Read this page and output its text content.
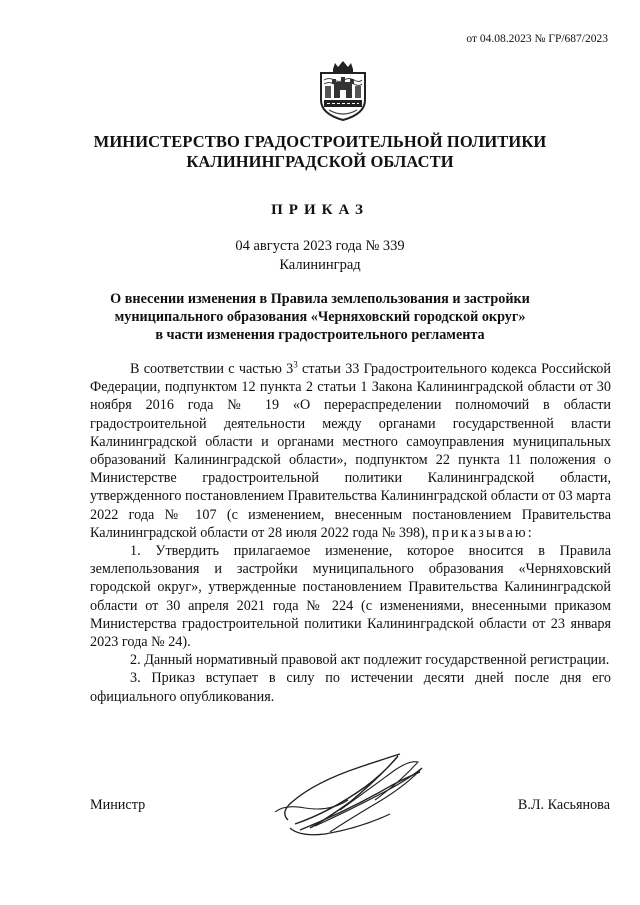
от 04.08.2023 № ГР/687/2023
МИНИСТЕРСТВО ГРАДОСТРОИТЕЛЬНОЙ ПОЛИТИКИ
КАЛИНИНГРАДСКОЙ ОБЛАСТИ
ПРИКАЗ
04 августа 2023 года № 339
Калининград
О внесении изменения в Правила землепользования и застройки
муниципального образования «Черняховский городской округ»
в части изменения градостроительного регламента

В соответствии с частью $3^3$ статьи 33 Градостроительного кодекса Российской Федерации, подпунктом 12 пункта 2 статьи 1 Закона Калининградской области от 30 ноября 2016 года № 19 «О перераспределении полномочий в области градостроительной деятельности между органами государственной власти Калининградской области и органами местного самоуправления муниципальных образований Калининградской области», подпунктом 22 пункта 11 положения о Министерстве градостроительной политики Калининградской области, утвержденного постановлением Правительства Калининградской области от 03 марта 2022 года № 107 (с изменением, внесенным постановлением Правительства Калининградской области от 28 июля 2022 года № 398), приказываю:

1. Утвердить прилагаемое изменение, которое вносится в Правила землепользования и застройки муниципального образования «Черняховский городской округ», утвержденные постановлением Правительства Калининградской области от 30 апреля 2021 года № 224 (с изменениями, внесенными приказом Министерства градостроительной политики Калининградской области от 23 января 2023 года № 24).

2. Данный нормативный правовой акт подлежит государственной регистрации.

3. Приказ вступает в силу по истечении десяти дней после дня его официального опубликования.

Министр	В.Л. Касьянова
